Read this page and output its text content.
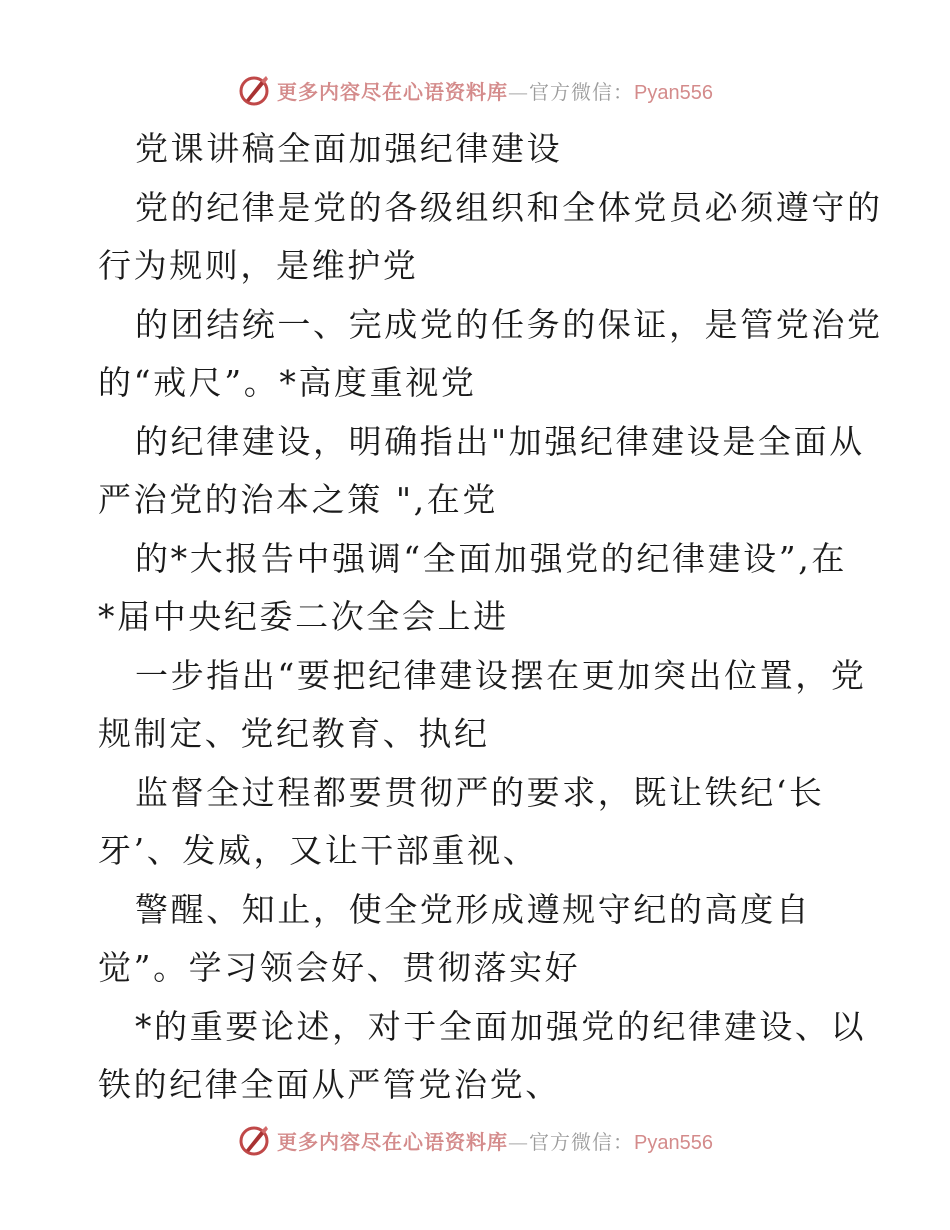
更多内容尽在心语资料库—官方微信：Pyan556
党课讲稿全面加强纪律建设
党的纪律是党的各级组织和全体党员必须遵守的
行为规则，是维护党
的团结统一、完成党的任务的保证，是管党治党
的“戒尺”。*高度重视党
的纪律建设，明确指出"加强纪律建设是全面从
严治党的治本之策 ",在党
的*大报告中强调“全面加强党的纪律建设”,在
*届中央纪委二次全会上进
一步指出“要把纪律建设摆在更加突出位置，党
规制定、党纪教育、执纪
监督全过程都要贯彻严的要求，既让铁纪‘长
牙’、发威，又让干部重视、
警醒、知止，使全党形成遵规守纪的高度自
觉”。学习领会好、贯彻落实好
*的重要论述，对于全面加强党的纪律建设、以
铁的纪律全面从严管党治党、
更多内容尽在心语资料库—官方微信：Pyan556
